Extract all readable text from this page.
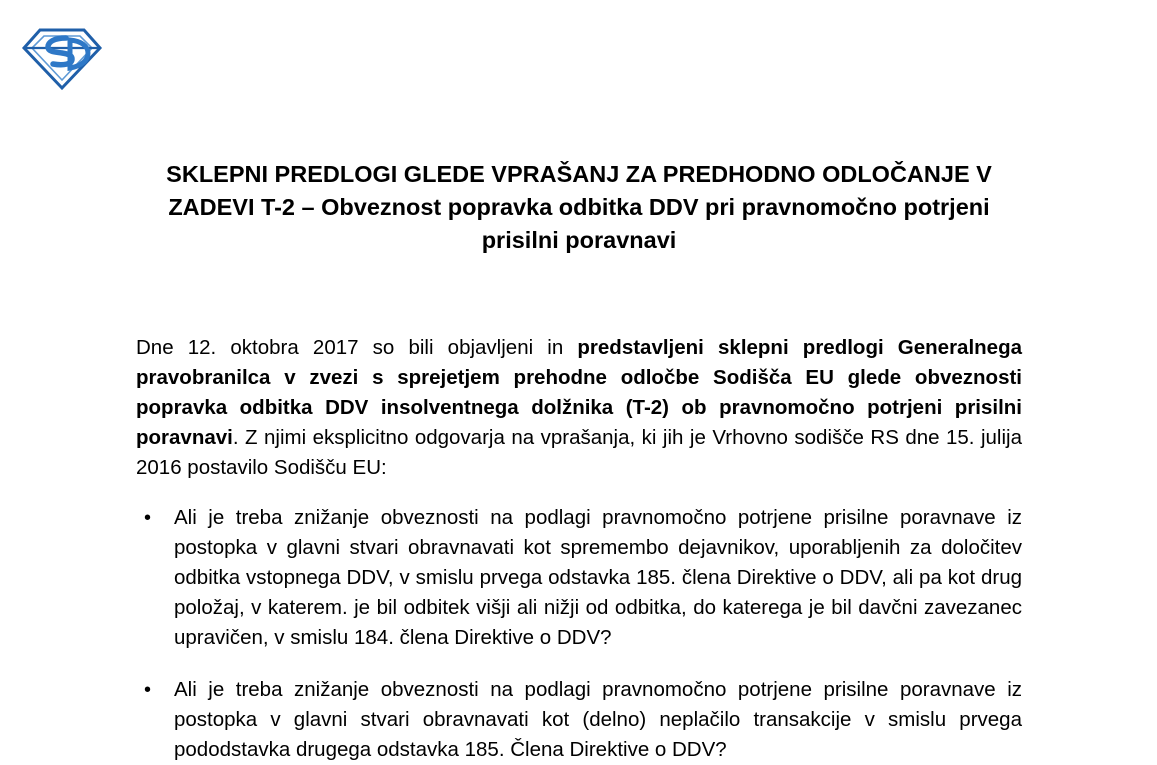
SKLEPNI PREDLOGI GLEDE VPRAŠANJ ZA PREDHODNO ODLOČANJE V ZADEVI T-2 – Obveznost popravka odbitka DDV pri pravnomočno potrjeni prisilni poravnavi

Dne 12. oktobra 2017 so bili objavljeni in predstavljeni sklepni predlogi Generalnega pravobranilca v zvezi s sprejetjem prehodne odločbe Sodišča EU glede obveznosti popravka odbitka DDV insolventnega dolžnika (T-2) ob pravnomočno potrjeni prisilni poravnavi. Z njimi eksplicitno odgovarja na vprašanja, ki jih je Vrhovno sodišče RS dne 15. julija 2016 postavilo Sodišču EU:

• Ali je treba znižanje obveznosti na podlagi pravnomočno potrjene prisilne poravnave iz postopka v glavni stvari obravnavati kot spremembo dejavnikov, uporabljenih za določitev odbitka vstopnega DDV, v smislu prvega odstavka 185. člena Direktive o DDV, ali pa kot drug položaj, v katerem. je bil odbitek višji ali nižji od odbitka, do katerega je bil davčni zavezanec upravičen, v smislu 184. člena Direktive o DDV?
• Ali je treba znižanje obveznosti na podlagi pravnomočno potrjene prisilne poravnave iz postopka v glavni stvari obravnavati kot (delno) neplačilo transakcije v smislu prvega pododstavka drugega odstavka 185. Člena Direktive o DDV?
